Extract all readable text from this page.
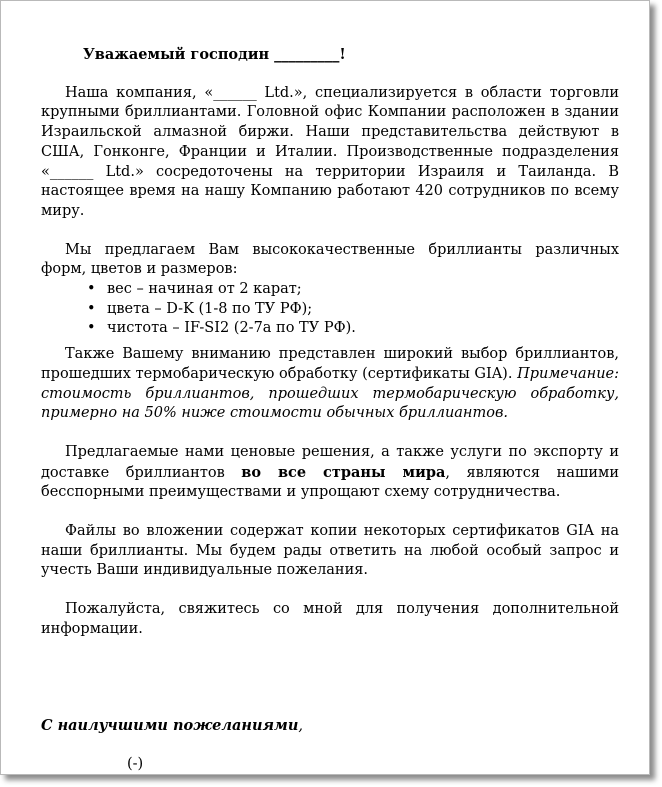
Уважаемый господин _________!

Наша компания, «______ Ltd.», специализируется в области торговли крупными бриллиантами. Головной офис Компании расположен в здании Израильской алмазной биржи. Наши представительства действуют в США, Гонконге, Франции и Италии. Производственные подразделения «______ Ltd.» сосредоточены на территории Израиля и Таиланда. В настоящее время на нашу Компанию работают 420 сотрудников по всему миру.

Мы предлагаем Вам высококачественные бриллианты различных форм, цветов и размеров:

• вес – начиная от 2 карат;
• цвета – D-K (1-8 по ТУ РФ);
• чистота – IF-SI2 (2-7а по ТУ РФ).

Также Вашему вниманию представлен широкий выбор бриллиантов, прошедших термобарическую обработку (сертификаты GIA). Примечание: стоимость бриллиантов, прошедших термобарическую обработку, примерно на 50% ниже стоимости обычных бриллиантов.

Предлагаемые нами ценовые решения, а также услуги по экспорту и доставке бриллиантов во все страны мира, являются нашими бесспорными преимуществами и упрощают схему сотрудничества.

Файлы во вложении содержат копии некоторых сертификатов GIA на наши бриллианты. Мы будем рады ответить на любой особый запрос и учесть Ваши индивидуальные пожелания.

Пожалуйста, свяжитесь со мной для получения дополнительной информации.

С наилучшими пожеланиями,

(-)
